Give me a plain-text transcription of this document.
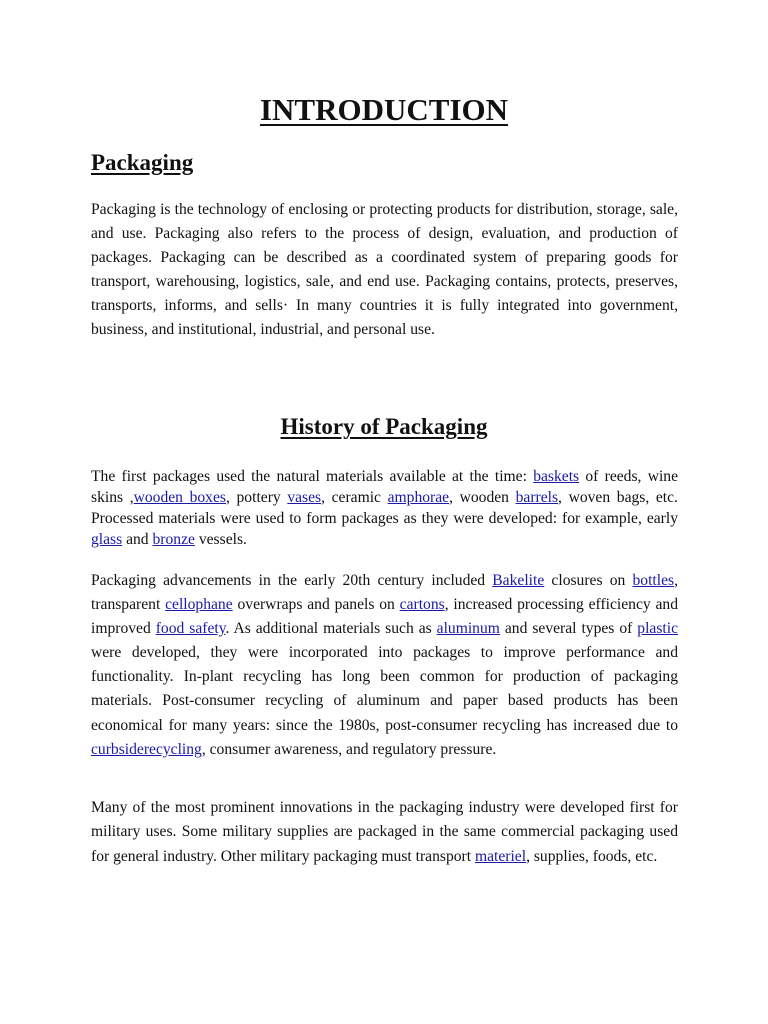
INTRODUCTION
Packaging

Packaging is the technology of enclosing or protecting products for distribution, storage, sale, and use. Packaging also refers to the process of design, evaluation, and production of packages. Packaging can be described as a coordinated system of preparing goods for transport, warehousing, logistics, sale, and end use. Packaging contains, protects, preserves, transports, informs, and sells· In many countries it is fully integrated into government, business, and institutional, industrial, and personal use.

History of Packaging

The first packages used the natural materials available at the time: baskets of reeds, wine skins ,wooden boxes, pottery vases, ceramic amphorae, wooden barrels, woven bags, etc. Processed materials were used to form packages as they were developed: for example, early glass and bronze vessels.

Packaging advancements in the early 20th century included Bakelite closures on bottles, transparent cellophane overwraps and panels on cartons, increased processing efficiency and improved food safety. As additional materials such as aluminum and several types of plastic were developed, they were incorporated into packages to improve performance and functionality. In-plant recycling has long been common for production of packaging materials. Post-consumer recycling of aluminum and paper based products has been economical for many years: since the 1980s, post-consumer recycling has increased due to curbsiderecycling, consumer awareness, and regulatory pressure.

Many of the most prominent innovations in the packaging industry were developed first for military uses. Some military supplies are packaged in the same commercial packaging used for general industry. Other military packaging must transport materiel, supplies, foods, etc.
